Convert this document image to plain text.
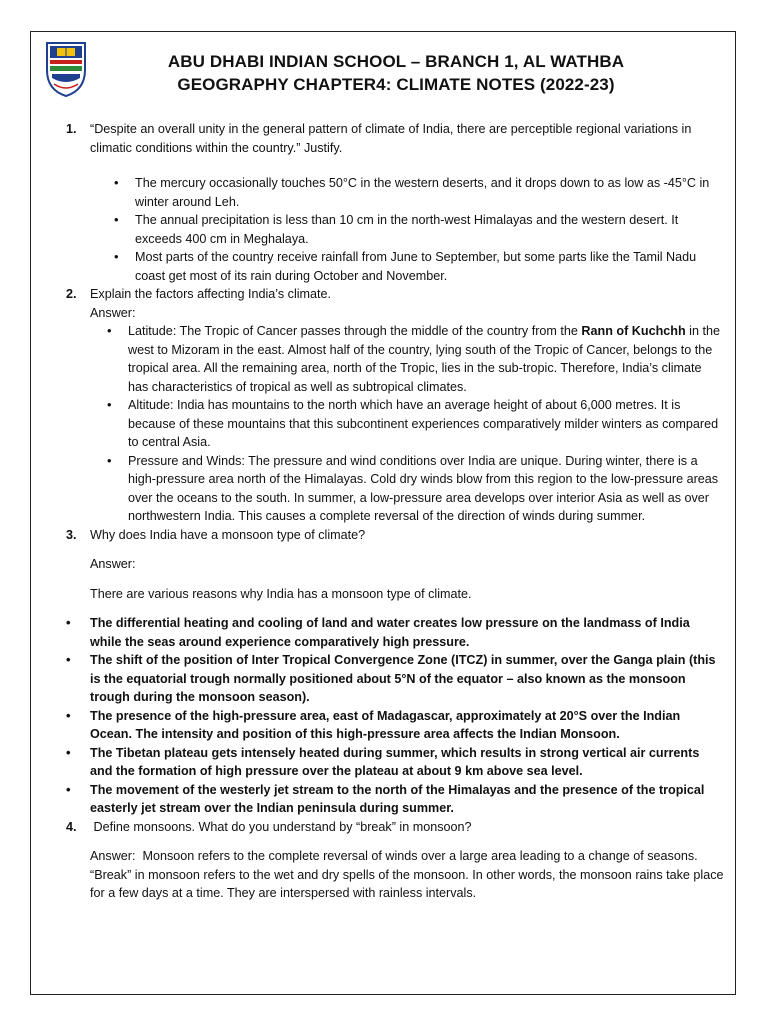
ABU DHABI INDIAN SCHOOL – BRANCH 1, AL WATHBA
GEOGRAPHY CHAPTER4: CLIMATE NOTES (2022-23)
1. “Despite an overall unity in the general pattern of climate of India, there are perceptible regional variations in climatic conditions within the country.” Justify.

• The mercury occasionally touches 50°C in the western deserts, and it drops down to as low as -45°C in winter around Leh.
• The annual precipitation is less than 10 cm in the north-west Himalayas and the western desert. It exceeds 400 cm in Meghalaya.
• Most parts of the country receive rainfall from June to September, but some parts like the Tamil Nadu coast get most of its rain during October and November.
2. Explain the factors affecting India’s climate.

Answer:

• Latitude: The Tropic of Cancer passes through the middle of the country from the Rann of Kuchchh in the west to Mizoram in the east. Almost half of the country, lying south of the Tropic of Cancer, belongs to the tropical area. All the remaining area, north of the Tropic, lies in the sub-tropic. Therefore, India’s climate has characteristics of tropical as well as subtropical climates.
• Altitude: India has mountains to the north which have an average height of about 6,000 metres. It is because of these mountains that this subcontinent experiences comparatively milder winters as compared to central Asia.
• Pressure and Winds: The pressure and wind conditions over India are unique. During winter, there is a high-pressure area north of the Himalayas. Cold dry winds blow from this region to the low-pressure areas over the oceans to the south. In summer, a low-pressure area develops over interior Asia as well as over northwestern India. This causes a complete reversal of the direction of winds during summer.
3. Why does India have a monsoon type of climate?

Answer:

There are various reasons why India has a monsoon type of climate.

• The differential heating and cooling of land and water creates low pressure on the landmass of India while the seas around experience comparatively high pressure.
• The shift of the position of Inter Tropical Convergence Zone (ITCZ) in summer, over the Ganga plain (this is the equatorial trough normally positioned about 5°N of the equator – also known as the monsoon trough during the monsoon season).
• The presence of the high-pressure area, east of Madagascar, approximately at 20°S over the Indian Ocean. The intensity and position of this high-pressure area affects the Indian Monsoon.
• The Tibetan plateau gets intensely heated during summer, which results in strong vertical air currents and the formation of high pressure over the plateau at about 9 km above sea level.
• The movement of the westerly jet stream to the north of the Himalayas and the presence of the tropical easterly jet stream over the Indian peninsula during summer.
4. Define monsoons. What do you understand by “break” in monsoon?

Answer:  Monsoon refers to the complete reversal of winds over a large area leading to a change of seasons. “Break” in monsoon refers to the wet and dry spells of the monsoon. In other words, the monsoon rains take place for a few days at a time. They are interspersed with rainless intervals.
